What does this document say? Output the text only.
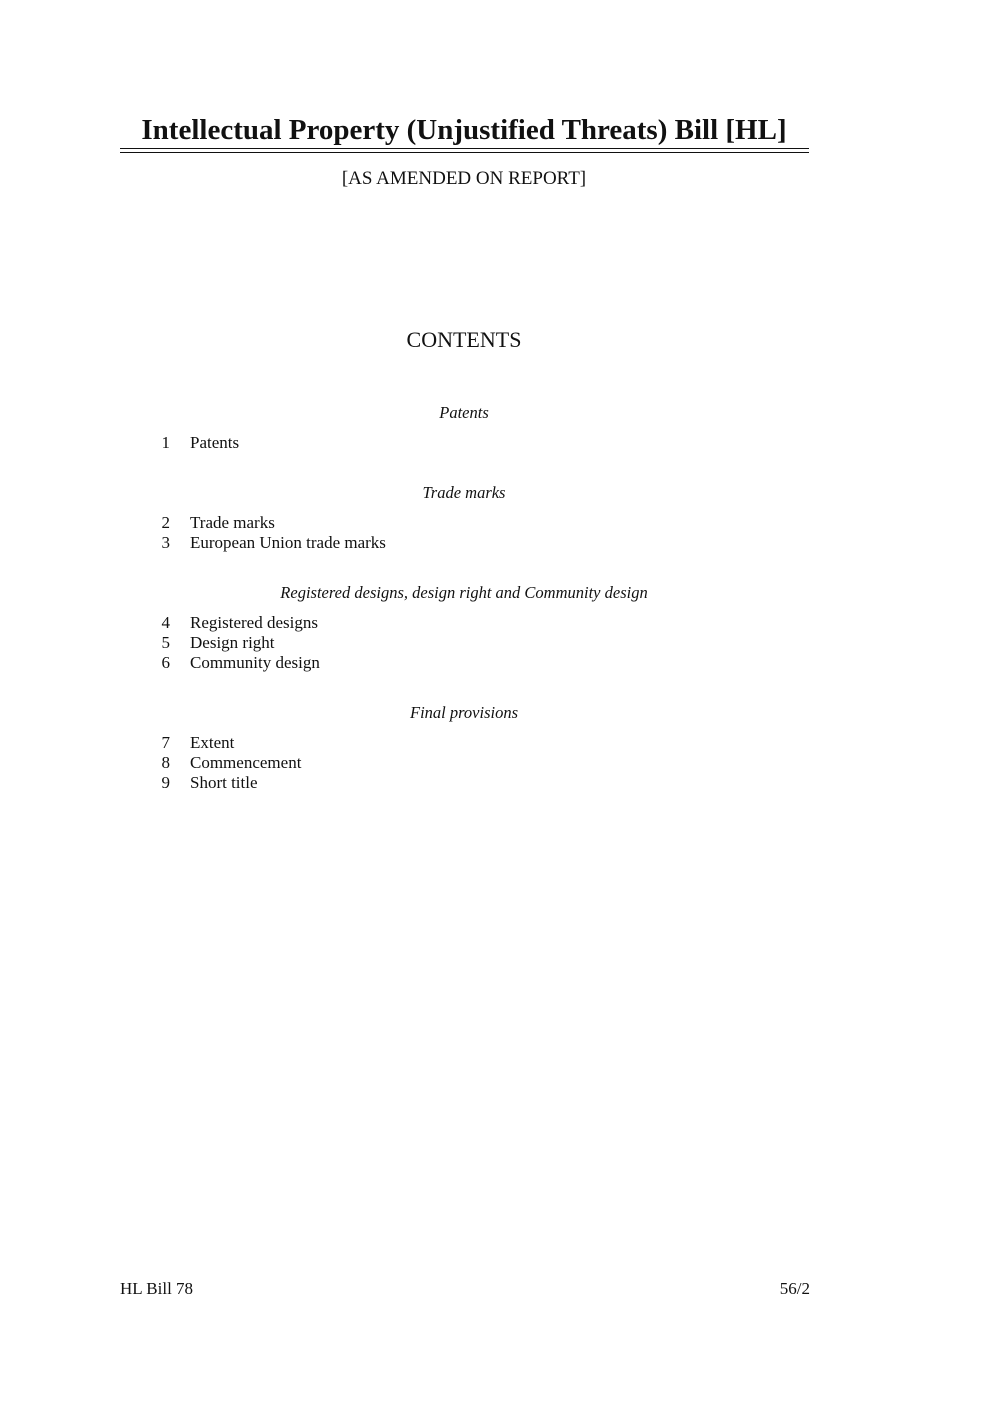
Intellectual Property (Unjustified Threats) Bill [HL]
[AS AMENDED ON REPORT]
CONTENTS
Patents
1 Patents
Trade marks
2 Trade marks
3 European Union trade marks
Registered designs, design right and Community design
4 Registered designs
5 Design right
6 Community design
Final provisions
7 Extent
8 Commencement
9 Short title
HL Bill 78	56/2
